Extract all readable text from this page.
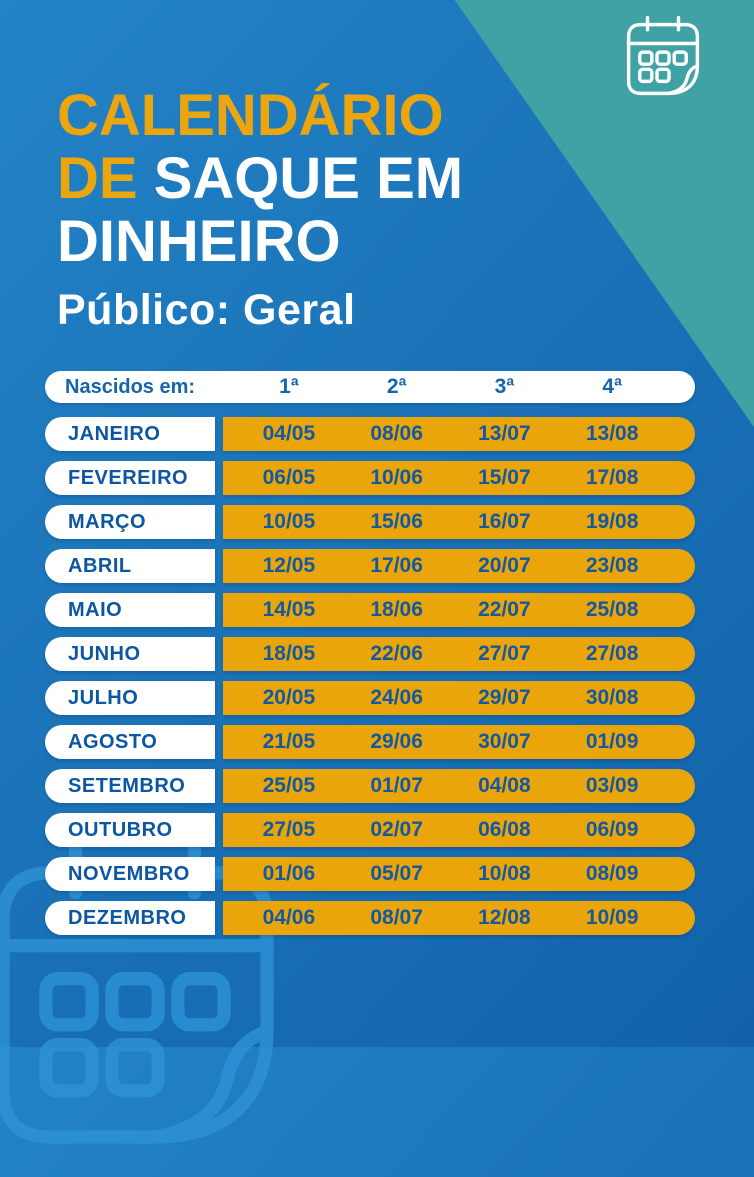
CALENDÁRIO
DE SAQUE EM
DINHEIRO
Público: Geral
Nascidos em:	1ª	2ª	3ª	4ª
JANEIRO	04/05	08/06	13/07	13/08
FEVEREIRO	06/05	10/06	15/07	17/08
MARÇO	10/05	15/06	16/07	19/08
ABRIL	12/05	17/06	20/07	23/08
MAIO	14/05	18/06	22/07	25/08
JUNHO	18/05	22/06	27/07	27/08
JULHO	20/05	24/06	29/07	30/08
AGOSTO	21/05	29/06	30/07	01/09
SETEMBRO	25/05	01/07	04/08	03/09
OUTUBRO	27/05	02/07	06/08	06/09
NOVEMBRO	01/06	05/07	10/08	08/09
DEZEMBRO	04/06	08/07	12/08	10/09
